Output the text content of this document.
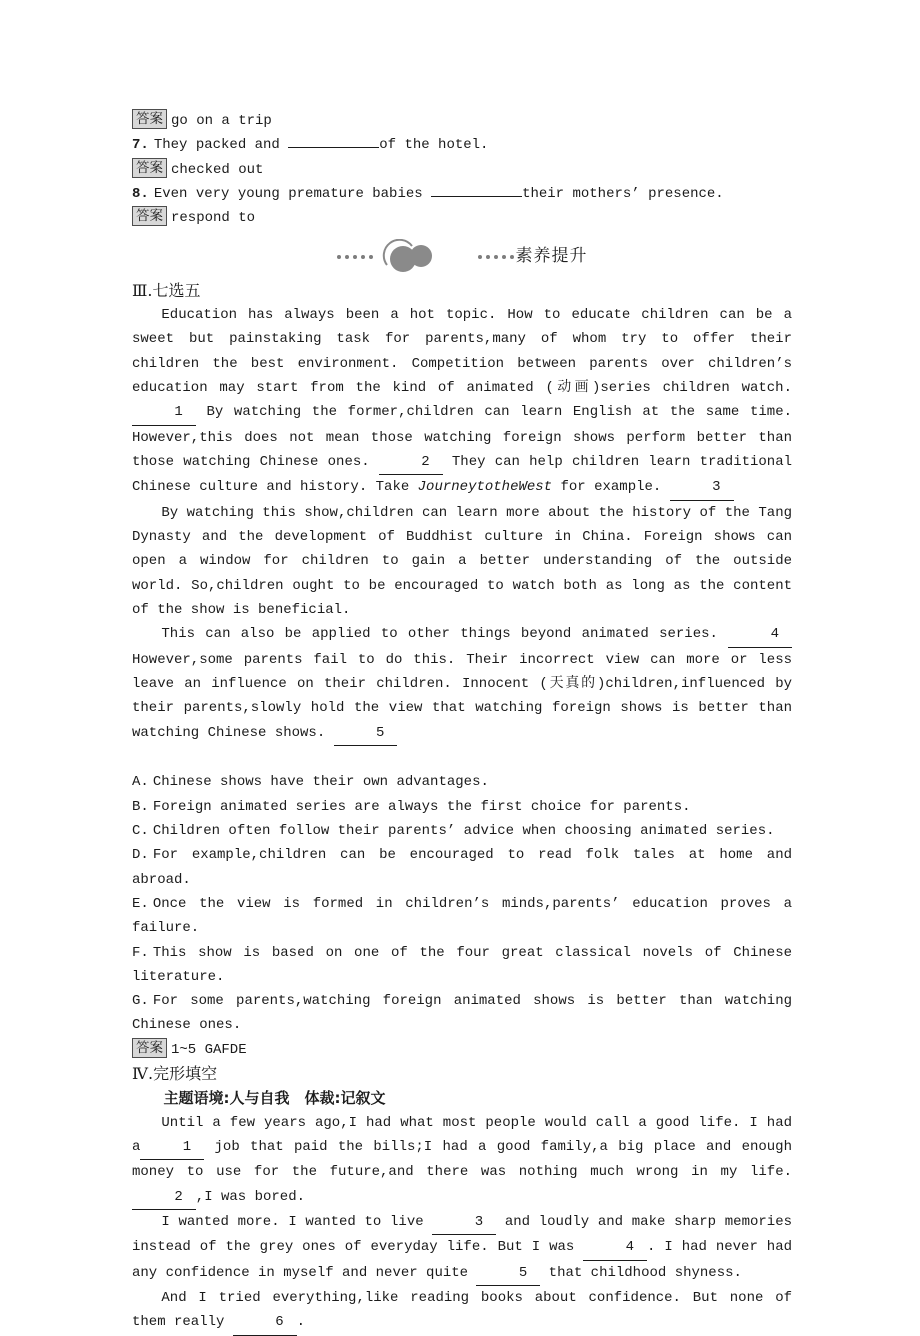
答案 go on a trip
7. They packed and	of the hotel.
答案 checked out
8. Even very young premature babies	their mothers’ presence.
答案 respond to
素养提升
Ⅲ.七选五

Education has always been a hot topic. How to educate children can be a sweet but painstaking task for parents,many of whom try to offer their children the best environment. Competition between parents over children’s education may start from the kind of animated (动画)series children watch. 1 By watching the former,children can learn English at the same time. However,this does not mean those watching foreign shows perform better than those watching Chinese ones.	2 They can help children learn traditional Chinese culture and history. Take JourneytotheWest for example.	3

By watching this show,children can learn more about the history of the Tang Dynasty and the development of Buddhist culture in China. Foreign shows can open a window for children to gain a better understanding of the outside world. So,children ought to be encouraged to watch both as long as the content of the show is beneficial.

This can also be applied to other things beyond animated series.	4 However,some parents fail to do this. Their incorrect view can more or less leave an influence on their children. Innocent (天真的)children,influenced by their parents,slowly hold the view that watching foreign shows is better than watching Chinese shows.	5

A. Chinese shows have their own advantages.

B. Foreign animated series are always the first choice for parents.

C. Children often follow their parents’ advice when choosing animated series.

D. For example,children can be encouraged to read folk tales at home and abroad.

E. Once the view is formed in children’s minds,parents’ education proves a failure.

F. This show is based on one of the four great classical novels of Chinese literature.

G. For some parents,watching foreign animated shows is better than watching Chinese ones.

答案 1~5 GAFDE
Ⅳ.完形填空

主题语境:人与自我　体裁:记叙文

Until a few years ago,I had what most people would call a good life. I had a	1 job that paid the bills;I had a good family,a big place and enough money to use for the future,and there was nothing much wrong in my life. 2 ,I was bored.

I wanted more. I wanted to live	3 and loudly and make sharp memories instead of the grey ones of everyday life. But I was	4 . I had never had any confidence in myself and never quite	5 that childhood shyness.

And I tried everything,like reading books about confidence. But none of them really	6 .
